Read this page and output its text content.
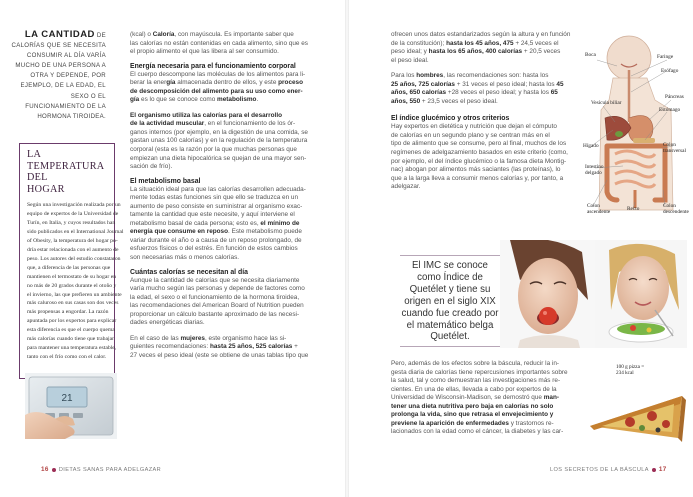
LA CANTIDAD DE
CALORÍAS QUE SE NECESITA
CONSUMIR AL DÍA VARÍA
MUCHO DE UNA PERSONA A
OTRA Y DEPENDE, POR
EJEMPLO, DE LA EDAD, EL
SEXO O EL
FUNCIONAMIENTO DE LA
HORMONA TIROIDEA.
LA TEMPERATURA DEL
HOGAR
Según una investigación realizada por un
equipo de expertos de la Universidad de
Turín, en Italia, y cuyos resultados han
sido publicados en el International Journal
of Obesity, la temperatura del hogar po-
dría estar relacionada con el aumento de
peso. Los autores del estudio constataron
que, a diferencia de las personas que
mantienen el termostato de su hogar en
no más de 20 grados durante el otoño y
el invierno, las que prefieren un ambiente
más caluroso en sus casas son dos veces
más propensas a engordar. La razón
apuntada por los expertos para explicar
esta diferencia es que el cuerpo quema
más calorías cuando tiene que trabajar
para mantener una temperatura estable,
tanto con el frío como con el calor.
21

(kcal) o Caloría, con mayúscula. Es importante saber que
las calorías no están contenidas en cada alimento, sino que es
el propio alimento el que las libera al ser consumido.

Energía necesaria para el funcionamiento corporal

El cuerpo descompone las moléculas de los alimentos para li-
berar la energía almacenada dentro de ellos, y este proceso
de descomposición del alimento para su uso como ener-
gía es lo que se conoce como metabolismo.

El organismo utiliza las calorías para el desarrollo
de la actividad muscular, en el funcionamiento de los ór-
ganos internos (por ejemplo, en la digestión de una comida, se
gastan unas 100 calorías) y en la regulación de la temperatura
corporal (esta es la razón por la que muchas personas que
empiezan una dieta hipocalórica se quejan de una mayor sen-
sación de frío).

El metabolismo basal

La situación ideal para que las calorías desarrollen adecuada-
mente todas estas funciones sin que ello se traduzca en un
aumento de peso consiste en suministrar al organismo exac-
tamente la cantidad que este necesite, y aquí interviene el
metabolismo basal de cada persona; esto es, el mínimo de
energía que consume en reposo. Este metabolismo puede
variar durante el año o a causa de un reposo prolongado, de
esfuerzos físicos o del estrés. En función de estos cambios
son necesarias más o menos calorías.

Cuántas calorías se necesitan al día

Aunque la cantidad de calorías que se necesita diariamente
varía mucho según las personas y depende de factores como
la edad, el sexo o el funcionamiento de la hormona tiroidea,
las recomendaciones del American Board of Nutrition pueden
proporcionar un cálculo bastante aproximado de las necesi-
dades energéticas diarias.

En el caso de las mujeres, este organismo hace las si-
guientes recomendaciones: hasta 25 años, 525 calorías +
27 veces el peso ideal (este se obtiene de unas tablas tipo que

ofrecen unos datos estandarizados según la altura y en función
de la constitución); hasta los 45 años, 475 + 24,5 veces el
peso ideal; y hasta los 65 años, 400 calorías + 20,5 veces
el peso ideal.

Para los hombres, las recomendaciones son: hasta los
25 años, 725 calorías + 31 veces el peso ideal; hasta los 45
años, 650 calorías +28 veces el peso ideal; y hasta los 65
años, 550 + 23,5 veces el peso ideal.

El índice glucémico y otros criterios

Hay expertos en dietética y nutrición que dejan el cómputo
de calorías en un segundo plano y se centran más en el
tipo de alimento que se consume, pero al final, muchos de los
regímenes de adelgazamiento basados en este criterio (como,
por ejemplo, el del índice glucémico o la famosa dieta Montig-
nac) abogan por alimentos más saciantes (las proteínas), lo
que a la larga lleva a consumir menos calorías y, por tanto, a
adelgazar.

El IMC se conoce
como Índice de
Quetélet y tiene su
origen en el siglo XIX
cuando fue creado por
el matemático belga
Quetélet.

Pero, además de los efectos sobre la báscula, reducir la in-
gesta diaria de calorías tiene repercusiones importantes sobre
la salud, tal y como demuestran las investigaciones más re-
cientes. En una de ellas, llevada a cabo por expertos de la
Universidad de Wisconsin-Madison, se demostró que man-
tener una dieta nutritiva pero baja en calorías no solo
prolonga la vida, sino que retrasa el envejecimiento y
previene la aparición de enfermedades y trastornos re-
lacionados con la edad como el cáncer, la diabetes y las car-

Boca	Faringe
Esófago
Vesícula biliar
Páncreas
Estómago
Hígado	Colon
transversal
Intestino
delgado
Colon
ascendente	Recto	Colon
descendente
100 g pizza =
234 kcal
16 DIETAS SANAS PARA ADELGAZAR	LOS SECRETOS DE LA BÁSCULA 17
